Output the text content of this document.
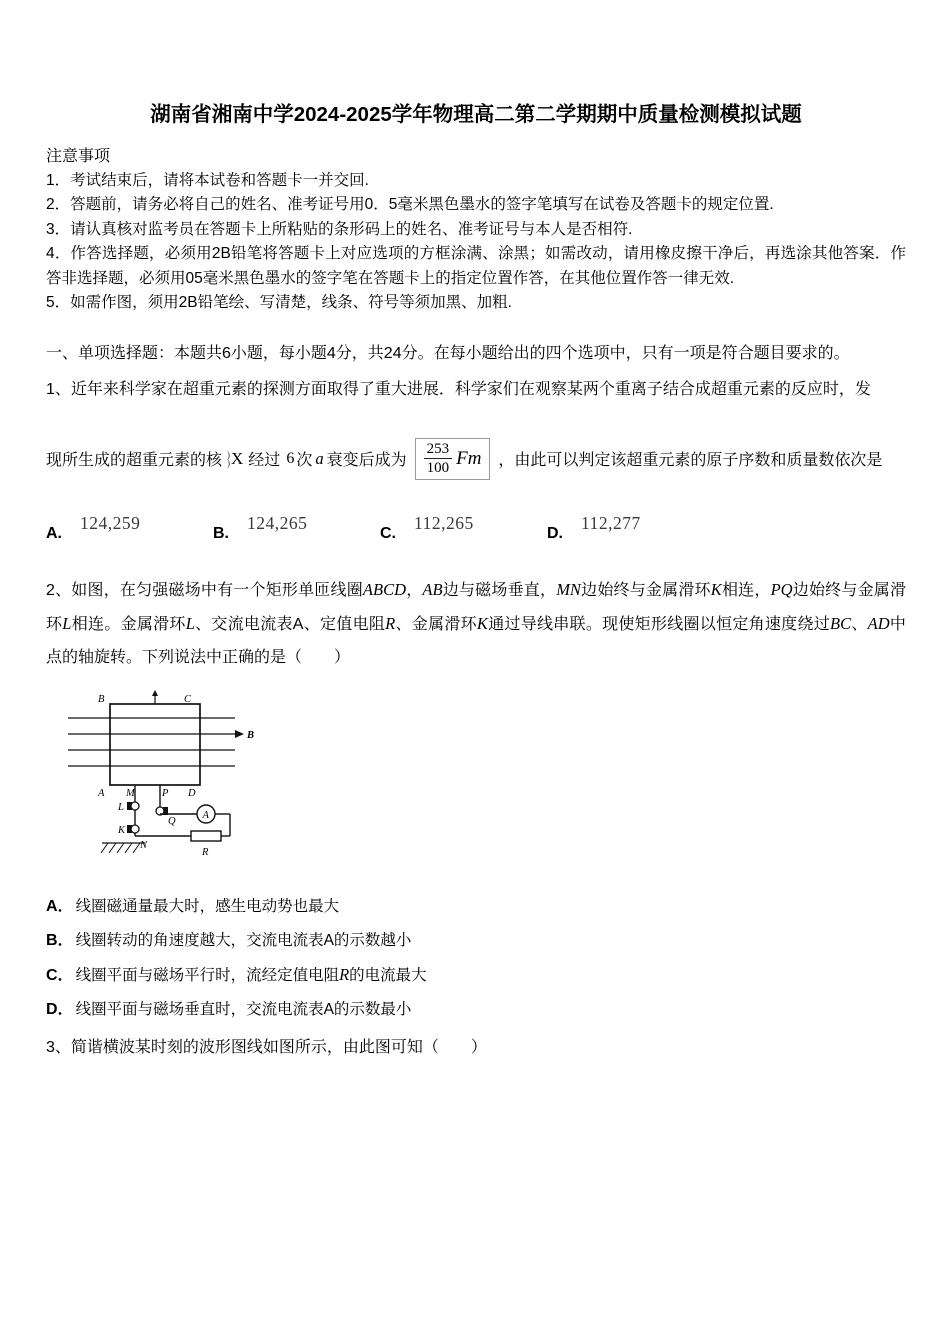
湖南省湘南中学2024-2025学年物理高二第二学期期中质量检测模拟试题
注意事项
1．考试结束后，请将本试卷和答题卡一并交回.
2．答题前，请务必将自己的姓名、准考证号用0．5毫米黑色墨水的签字笔填写在试卷及答题卡的规定位置.
3．请认真核对监考员在答题卡上所粘贴的条形码上的姓名、准考证号与本人是否相符.
4．作答选择题，必须用2B铅笔将答题卡上对应选项的方框涂满、涂黑；如需改动，请用橡皮擦干净后，再选涂其他答案．作答非选择题，必须用05毫米黑色墨水的签字笔在答题卡上的指定位置作答，在其他位置作答一律无效.
5．如需作图，须用2B铅笔绘、写清楚，线条、符号等须加黑、加粗.
一、单项选择题：本题共6小题，每小题4分，共24分。在每小题给出的四个选项中，只有一项是符合题目要求的。
1、近年来科学家在超重元素的探测方面取得了重大进展．科学家们在观察某两个重离子结合成超重元素的反应时，发
现所生成的超重元素的核 )
) X 经过 6 次 a 衰变后成为 $\frac{253}{100}$ Fm ，由此可以判定该超重元素的原子序数和质量数依次是
A.
124,259
B.
124,265
C.
112,265
D.
112,277
2、如图，在匀强磁场中有一个矩形单匝线圈ABCD，AB边与磁场垂直，MN边始终与金属滑环K相连，PQ边始终与金属滑环L相连。金属滑环L、交流电流表A、定值电阻R、金属滑环K通过导线串联。现使矩形线圈以恒定角速度绕过BC、AD中点的轴旋转。下列说法中正确的是（　　）
B
B	C
A M	P D
L
K
Q
N
A
R
A． 线圈磁通量最大时，感生电动势也最大
B． 线圈转动的角速度越大，交流电流表A的示数越小
C． 线圈平面与磁场平行时，流经定值电阻R的电流最大
D． 线圈平面与磁场垂直时，交流电流表A的示数最小
3、简谐横波某时刻的波形图线如图所示，由此图可知（　　）
